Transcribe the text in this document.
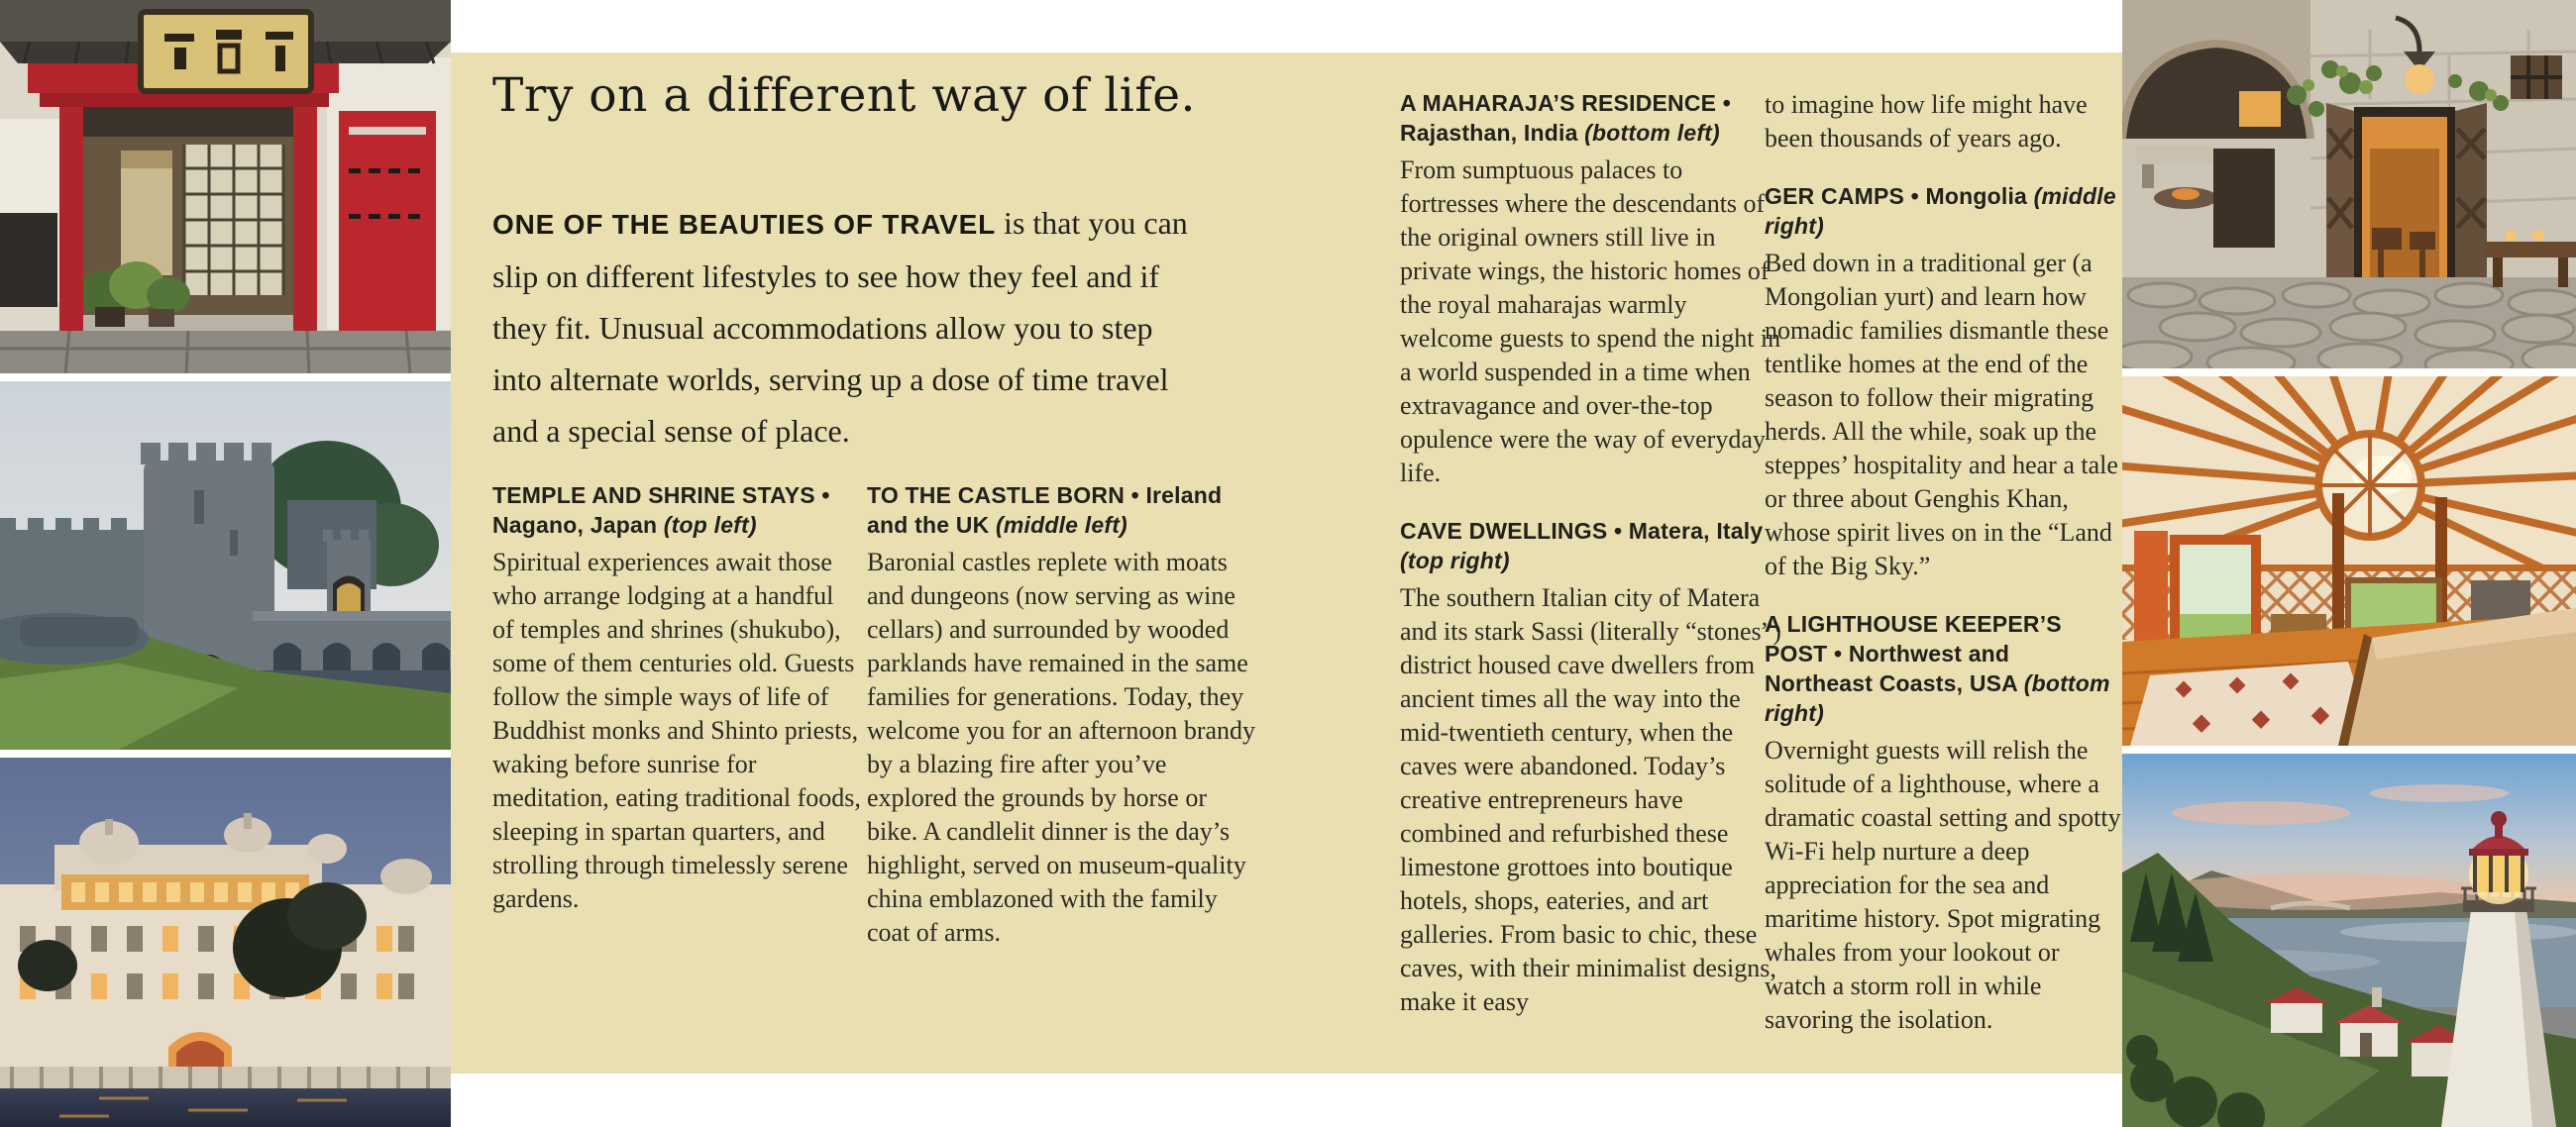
Try on a different way of life.

ONE OF THE BEAUTIES OF TRAVEL is that you can slip on different lifestyles to see how they feel and if they fit. Unusual accommodations allow you to step into alternate worlds, serving up a dose of time travel and a special sense of place.

TEMPLE AND SHRINE STAYS • Nagano, Japan (top left)

Spiritual experiences await those who arrange lodging at a handful of temples and shrines (shukubo), some of them centuries old. Guests follow the simple ways of life of Buddhist monks and Shinto priests, waking before sunrise for meditation, eating traditional foods, sleeping in spartan quarters, and strolling through timelessly serene gardens.

TO THE CASTLE BORN • Ireland and the UK (middle left)

Baronial castles replete with moats and dungeons (now serving as wine cellars) and surrounded by wooded parklands have remained in the same families for generations. Today, they welcome you for an afternoon brandy by a blazing fire after you’ve explored the grounds by horse or bike. A candlelit dinner is the day’s highlight, served on museum-quality china emblazoned with the family coat of arms.

A MAHARAJA’S RESIDENCE • Rajasthan, India (bottom left)

From sumptuous palaces to fortresses where the descendants of the original owners still live in private wings, the historic homes of the royal maharajas warmly welcome guests to spend the night in a world suspended in a time when extravagance and over-the-top opulence were the way of everyday life.

CAVE DWELLINGS • Matera, Italy (top right)

The southern Italian city of Matera and its stark Sassi (literally “stones”) district housed cave dwellers from ancient times all the way into the mid-twentieth century, when the caves were abandoned. Today’s creative entrepreneurs have combined and refurbished these limestone grottoes into boutique hotels, shops, eateries, and art galleries. From basic to chic, these caves, with their minimalist designs, make it easy

to imagine how life might have been thousands of years ago.

GER CAMPS • Mongolia (middle right)

Bed down in a traditional ger (a Mongolian yurt) and learn how nomadic families dismantle these tentlike homes at the end of the season to follow their migrating herds. All the while, soak up the steppes’ hospitality and hear a tale or three about Genghis Khan, whose spirit lives on in the “Land of the Big Sky.”

A LIGHTHOUSE KEEPER’S POST • Northwest and Northeast Coasts, USA (bottom right)

Overnight guests will relish the solitude of a lighthouse, where a dramatic coastal setting and spotty Wi-Fi help nurture a deep appreciation for the sea and maritime history. Spot migrating whales from your lookout or watch a storm roll in while savoring the isolation.
